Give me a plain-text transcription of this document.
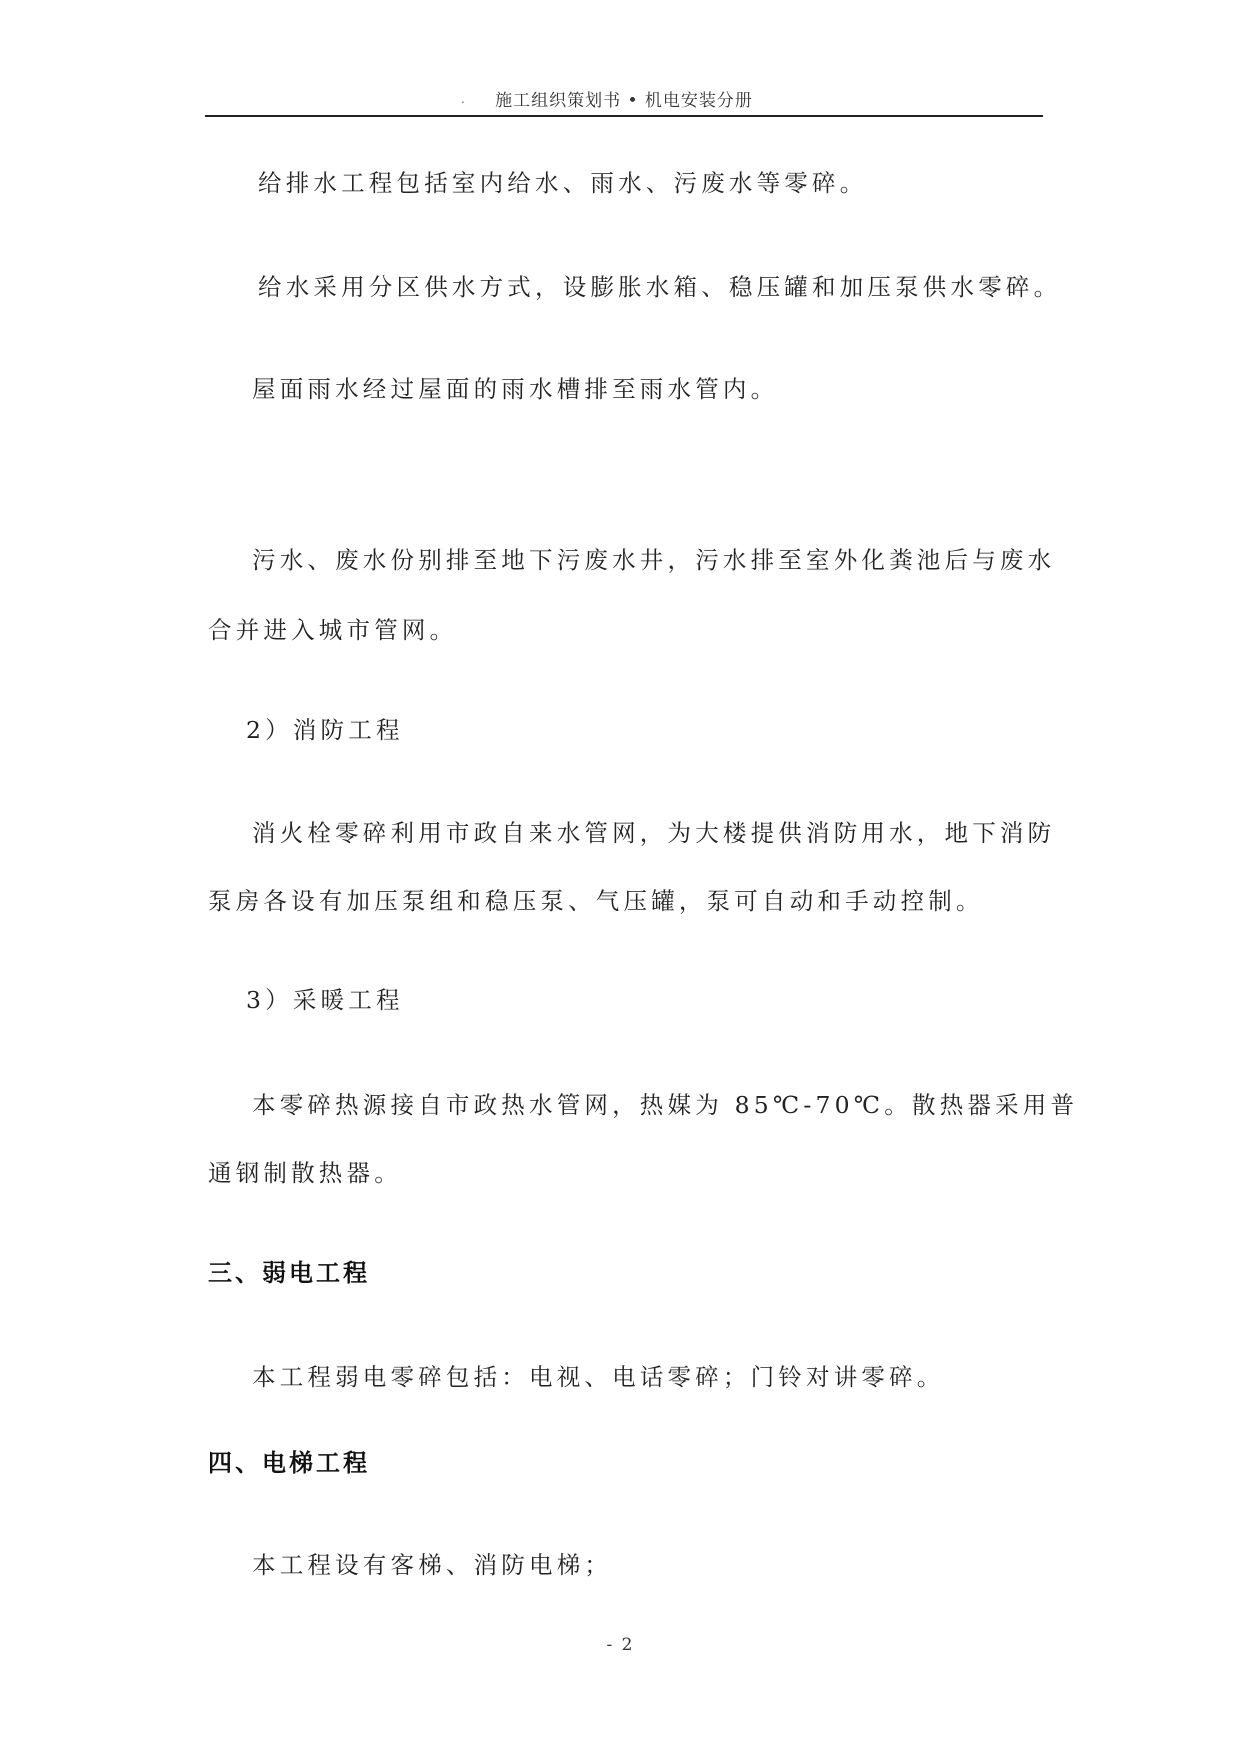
.	施工组织策划书 • 机电安装分册
给排水工程包括室内给水、雨水、污废水等零碎。
给水采用分区供水方式，设膨胀水箱、稳压罐和加压泵供水零碎。
屋面雨水经过屋面的雨水槽排至雨水管内。
污水、废水份别排至地下污废水井，污水排至室外化粪池后与废水
合并进入城市管网。
2）消防工程
消火栓零碎利用市政自来水管网，为大楼提供消防用水，地下消防
泵房各设有加压泵组和稳压泵、气压罐，泵可自动和手动控制。
3）采暖工程
本零碎热源接自市政热水管网，热媒为 85℃-70℃。散热器采用普
通钢制散热器。
三、弱电工程
本工程弱电零碎包括：电视、电话零碎；门铃对讲零碎。
四、电梯工程
本工程设有客梯、消防电梯；
- 2
